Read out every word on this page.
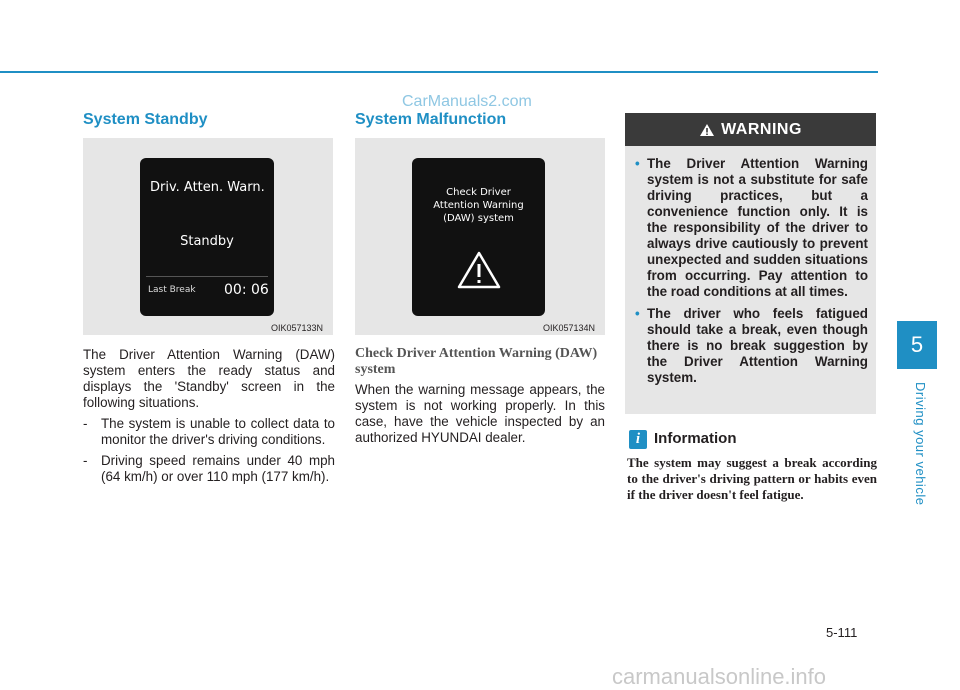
CarManuals2.com
System Standby
Driv. Atten. Warn.
Standby
Last Break 00: 06
OIK057133N

The Driver Attention Warning (DAW) system enters the ready status and displays the 'Standby' screen in the following situations.

- The system is unable to collect data to monitor the driver's driving conditions.
- Driving speed remains under 40 mph (64 km/h) or over 110 mph (177 km/h).
System Malfunction
Check Driver
Attention Warning
(DAW) system
OIK057134N
Check Driver Attention Warning (DAW) system

When the warning message appears, the system is not working properly. In this case, have the vehicle inspected by an authorized HYUNDAI dealer.

WARNING
• The Driver Attention Warning system is not a substitute for safe driving practices, but a convenience function only. It is the responsibility of the driver to always drive cautiously to prevent unexpected and sudden situations from occurring. Pay attention to the road conditions at all times.
• The driver who feels fatigued should take a break, even though there is no break suggestion by the Driver Attention Warning system.
i Information
The system may suggest a break according to the driver's driving pattern or habits even if the driver doesn't feel fatigue.
5
Driving your vehicle
5-111
carmanualsonline.info
